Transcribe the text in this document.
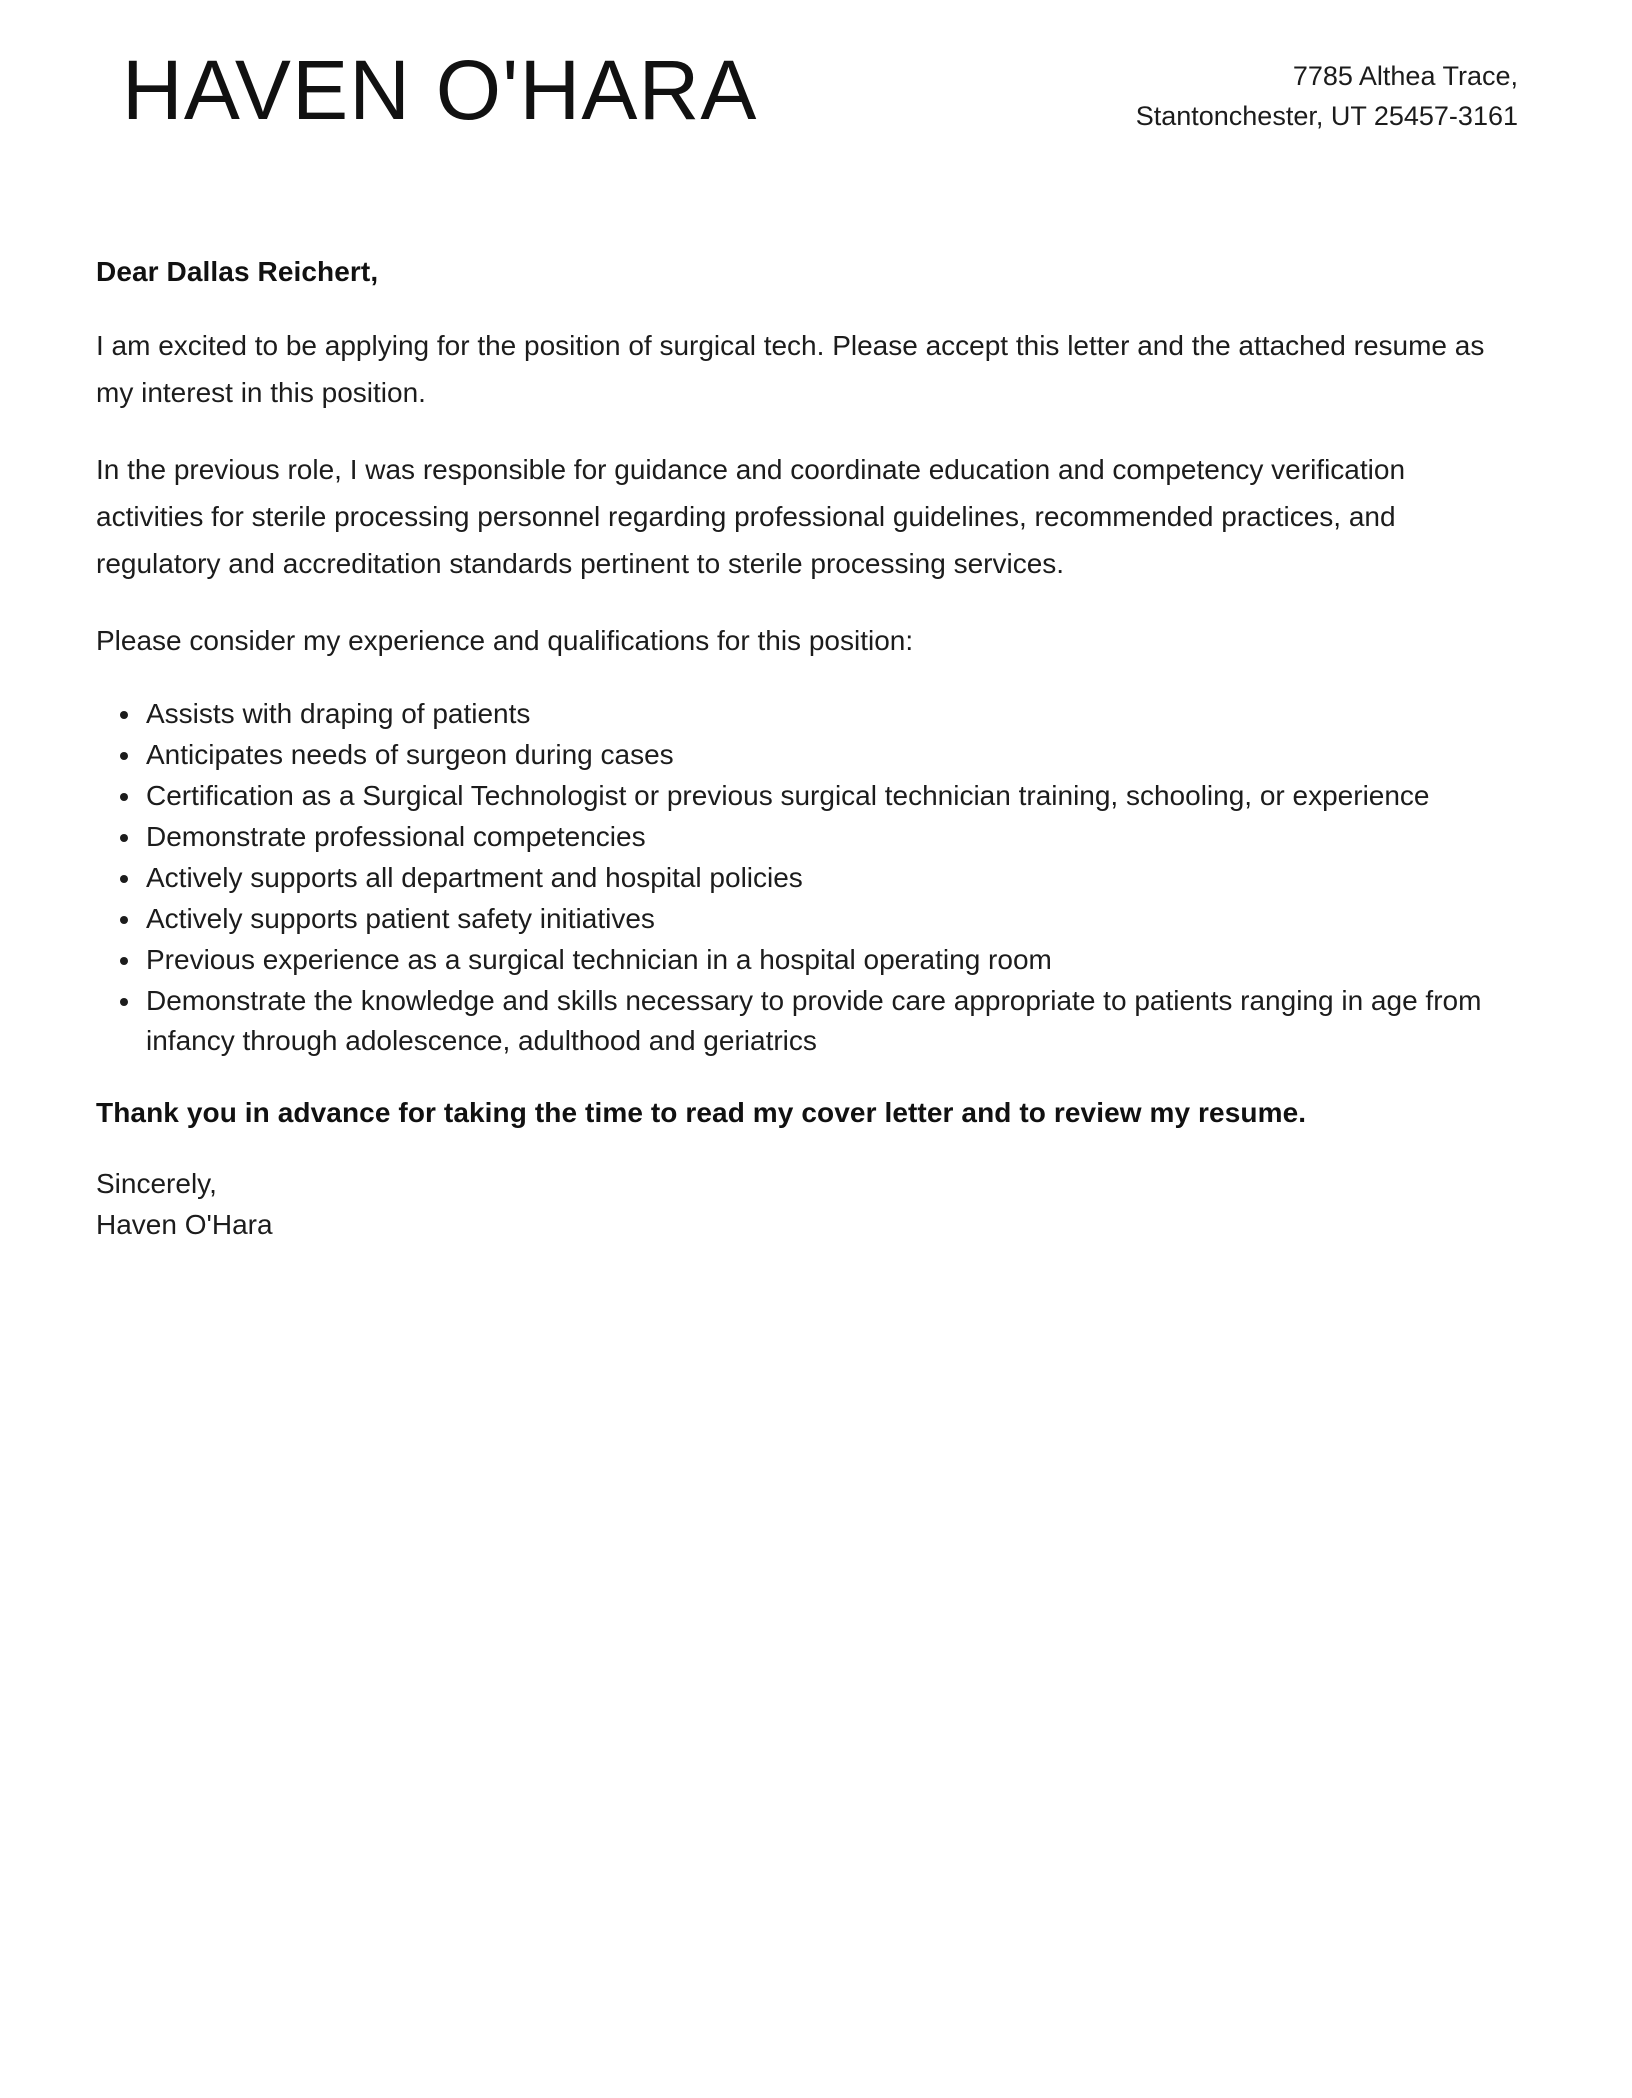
HAVEN O'HARA	7785 Althea Trace,
Stantonchester, UT 25457-3161

Dear Dallas Reichert,

I am excited to be applying for the position of surgical tech. Please accept this letter and the attached resume as my interest in this position.

In the previous role, I was responsible for guidance and coordinate education and competency verification activities for sterile processing personnel regarding professional guidelines, recommended practices, and regulatory and accreditation standards pertinent to sterile processing services.

Please consider my experience and qualifications for this position:

Assists with draping of patients
Anticipates needs of surgeon during cases
Certification as a Surgical Technologist or previous surgical technician training, schooling, or experience
Demonstrate professional competencies
Actively supports all department and hospital policies
Actively supports patient safety initiatives
Previous experience as a surgical technician in a hospital operating room
Demonstrate the knowledge and skills necessary to provide care appropriate to patients ranging in age from infancy through adolescence, adulthood and geriatrics

Thank you in advance for taking the time to read my cover letter and to review my resume.

Sincerely,
Haven O'Hara
